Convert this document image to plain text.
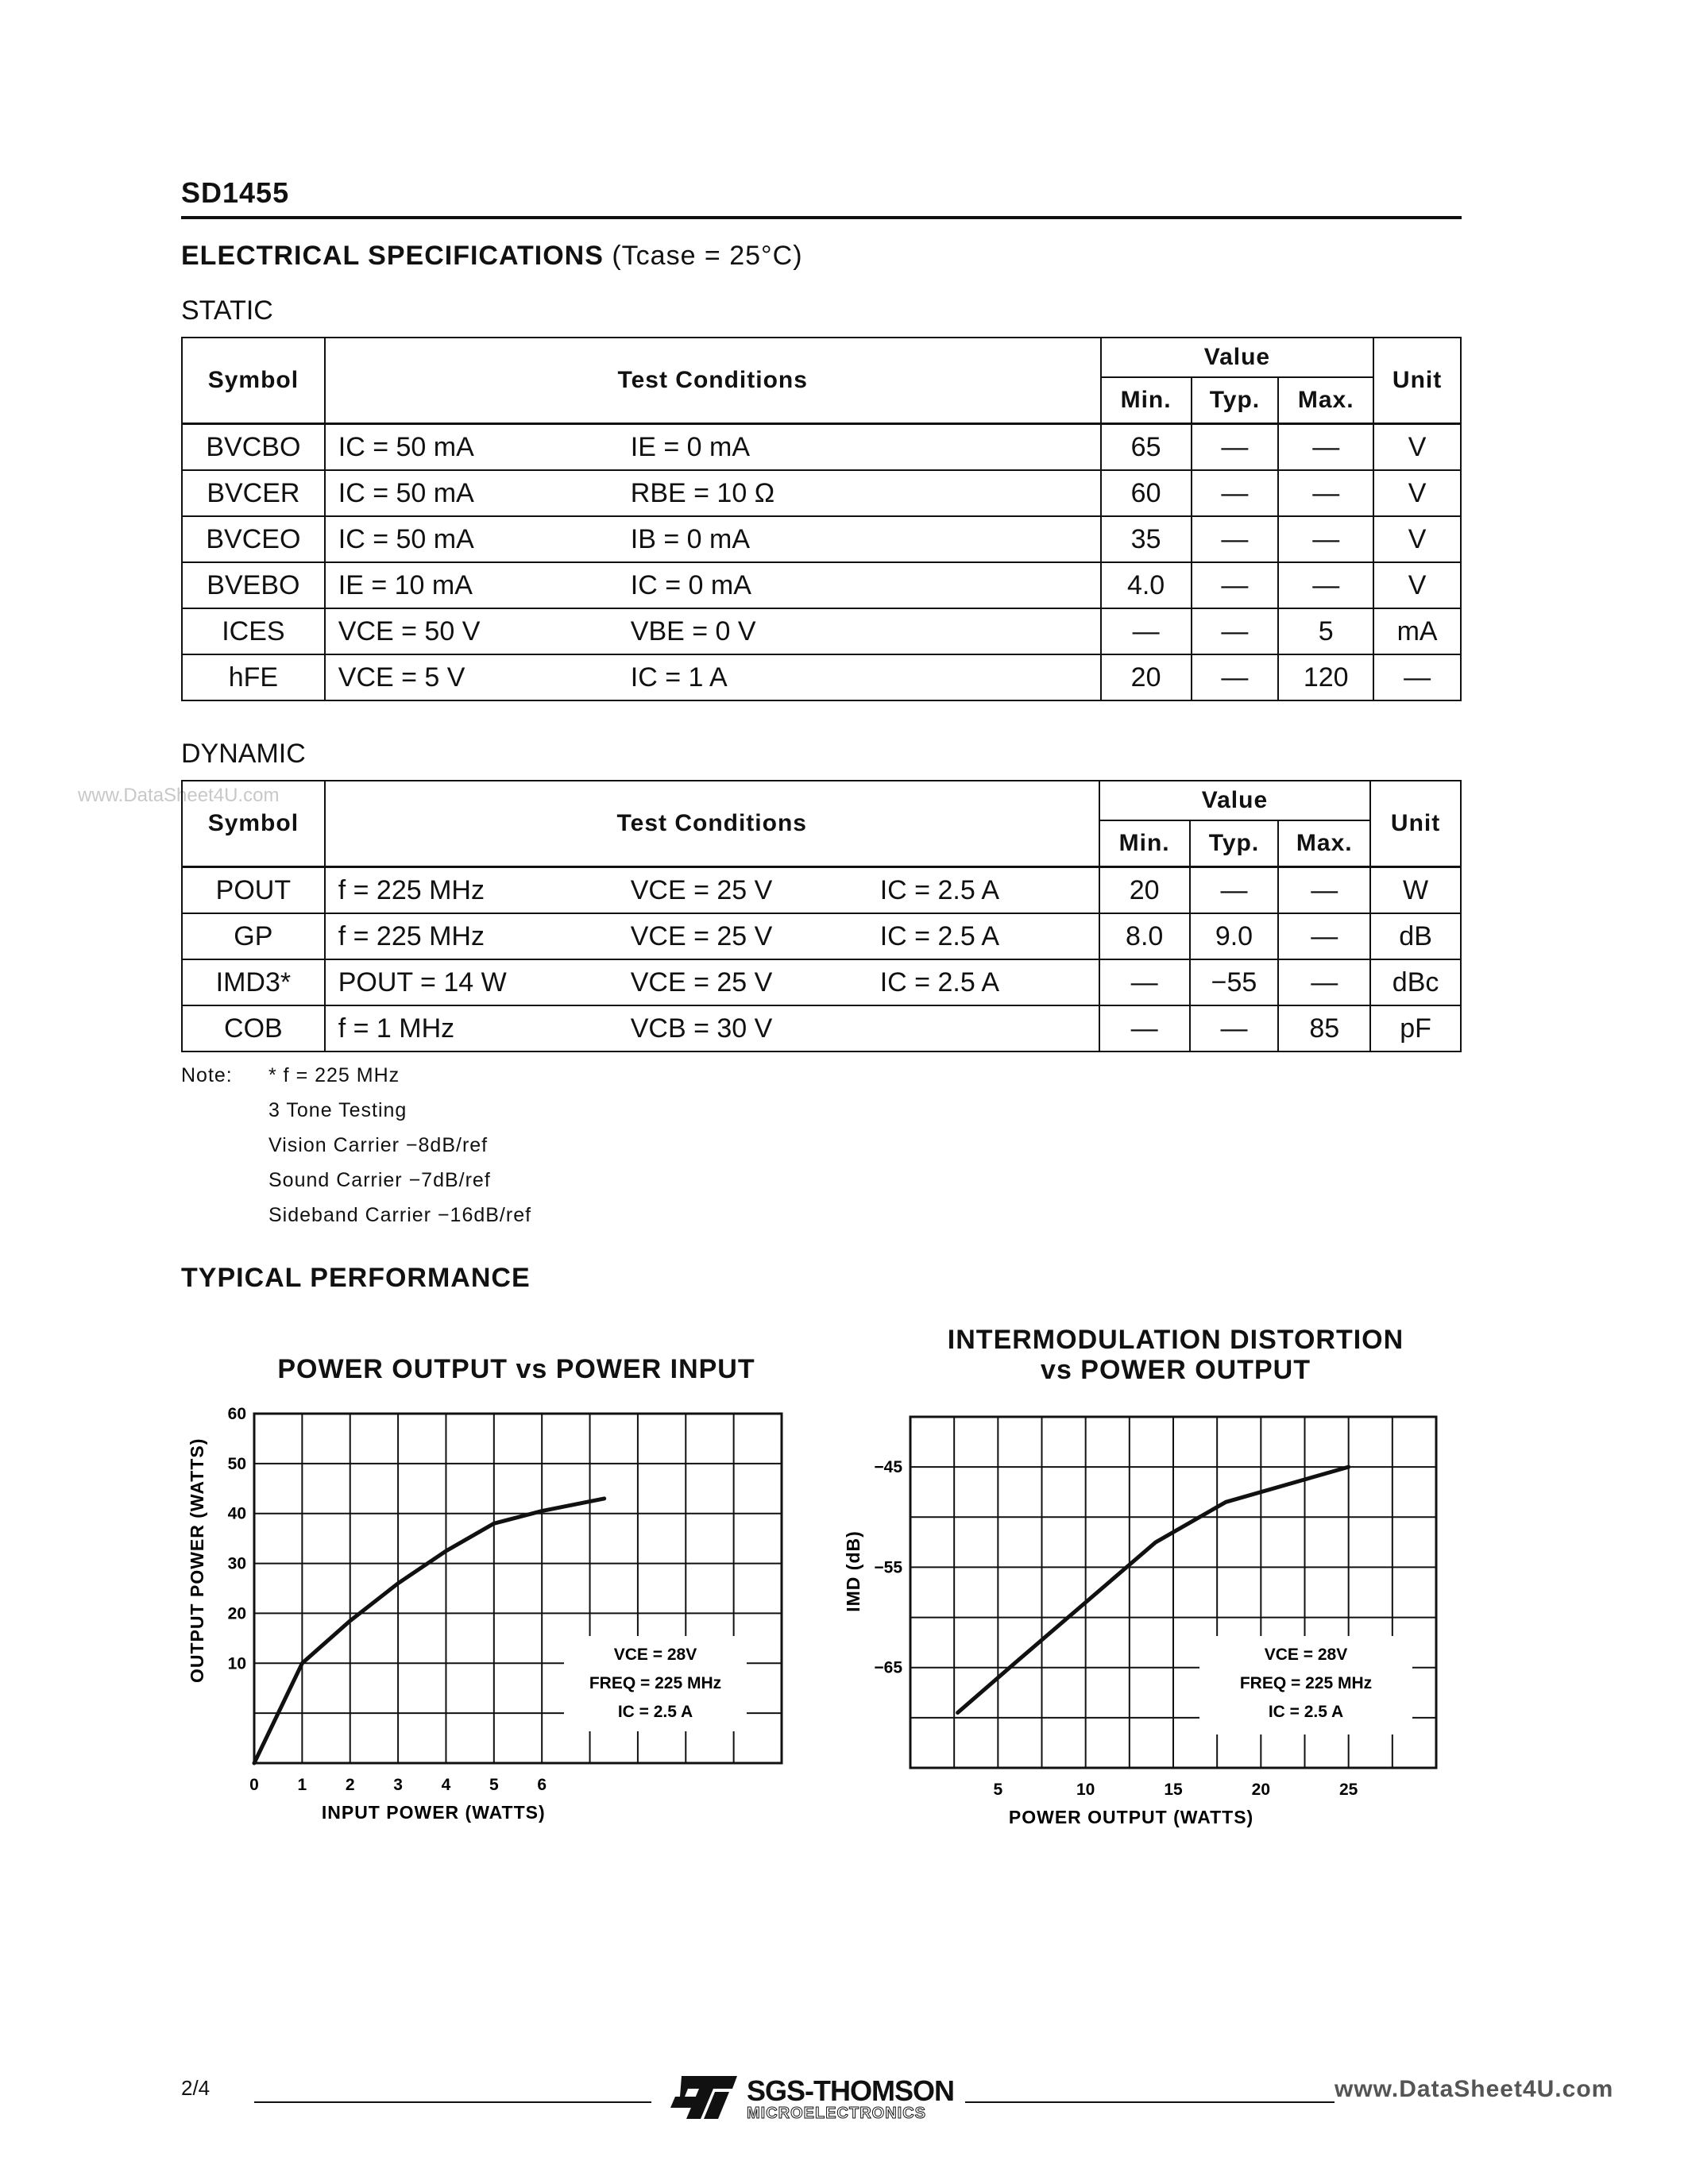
SD1455
ELECTRICAL SPECIFICATIONS (Tcase = 25°C)
STATIC
Symbol	Test Conditions	Value			Unit
		Min.	Typ.	Max.	
BVCBO	IC = 50 mA IE = 0 mA	65	—	—	V
BVCER	IC = 50 mA RBE = 10 Ω	60	—	—	V
BVCEO	IC = 50 mA IB = 0 mA	35	—	—	V
BVEBO	IE = 10 mA IC = 0 mA	4.0	—	—	V
ICES	VCE = 50 V VBE = 0 V	—	—	5	mA
hFE	VCE = 5 V IC = 1 A	20	—	120	—
DYNAMIC
www.DataSheet4U.com
Symbol	Test Conditions	Value			Unit
		Min.	Typ.	Max.	
POUT	f = 225 MHz VCE = 25 V IC = 2.5 A	20	—	—	W
GP	f = 225 MHz VCE = 25 V IC = 2.5 A	8.0	9.0	—	dB
IMD3*	POUT = 14 W VCE = 25 V IC = 2.5 A	—	−55	—	dBc
COB	f = 1 MHz VCB = 30 V	—	—	85	pF
Note: * f = 225 MHz
3 Tone Testing
Vision Carrier −8dB/ref
Sound Carrier −7dB/ref
Sideband Carrier −16dB/ref
TYPICAL PERFORMANCE
POWER OUTPUT vs POWER INPUT
INTERMODULATION DISTORTION
vs POWER OUTPUT
VCE = 28V
FREQ = 225 MHz
IC = 2.5 A
0 1 2 3 4 5 6
10
20
30
40
50
60
INPUT POWER (WATTS)
OUTPUT POWER (WATTS)	VCE = 28V
FREQ = 225 MHz
IC = 2.5 A
5	10	15	20	25
−45
−55
−65
POWER OUTPUT (WATTS)
IMD (dB)
2/4	SGS-THOMSON
MICROELECTRONICS
www.DataSheet4U.com
